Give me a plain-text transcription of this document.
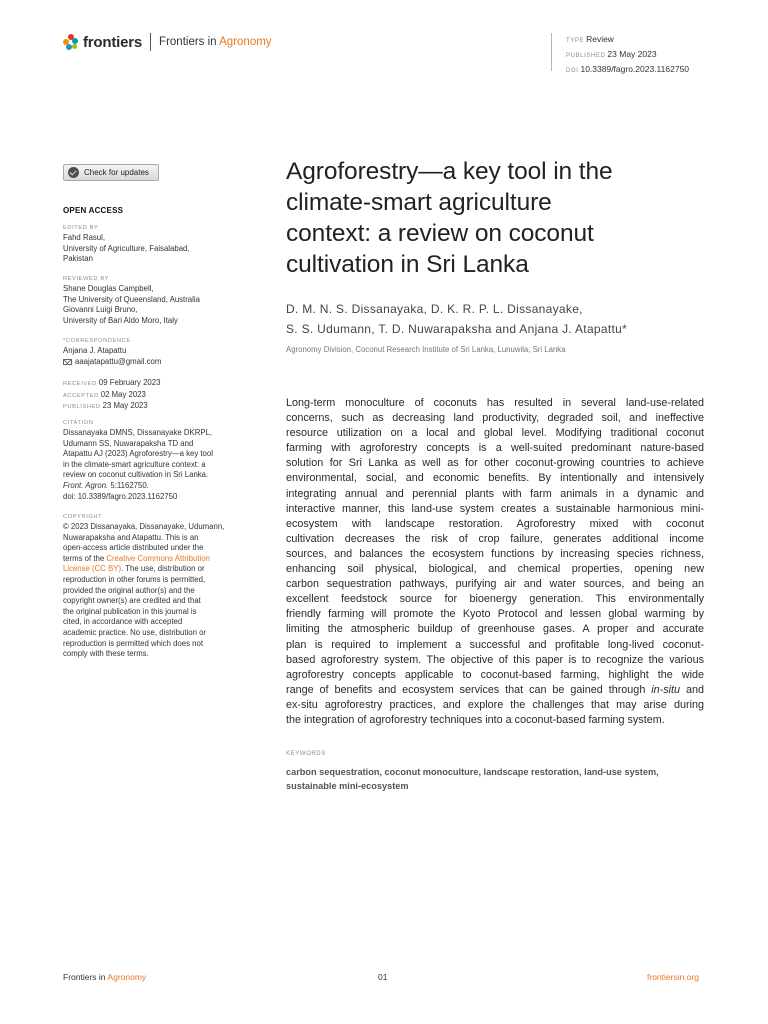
frontiers Frontiers in Agronomy	TYPE Review
PUBLISHED 23 May 2023
DOI 10.3389/fagro.2023.1162750
Check for updates
OPEN ACCESS
EDITED BY
Fahd Rasul,
University of Agriculture, Faisalabad,
Pakistan
REVIEWED BY
Shane Douglas Campbell,
The University of Queensland, Australia
Giovanni Luigi Bruno,
University of Bari Aldo Moro, Italy
*CORRESPONDENCE
Anjana J. Atapattu
aaajatapattu@gmail.com
RECEIVED 09 February 2023
ACCEPTED 02 May 2023
PUBLISHED 23 May 2023
CITATION
Dissanayaka DMNS, Dissanayake DKRPL,
Udumann SS, Nuwarapaksha TD and
Atapattu AJ (2023) Agroforestry—a key tool
in the climate-smart agriculture context: a
review on coconut cultivation in Sri Lanka.
Front. Agron. 5:1162750.
doi: 10.3389/fagro.2023.1162750
COPYRIGHT
© 2023 Dissanayaka, Dissanayake, Udumann,
Nuwarapaksha and Atapattu. This is an
open-access article distributed under the
terms of the Creative Commons Attribution
License (CC BY). The use, distribution or
reproduction in other forums is permitted,
provided the original author(s) and the
copyright owner(s) are credited and that
the original publication in this journal is
cited, in accordance with accepted
academic practice. No use, distribution or
reproduction is permitted which does not
comply with these terms.
Agroforestry—a key tool in the
climate-smart agriculture
context: a review on coconut
cultivation in Sri Lanka
D. M. N. S. Dissanayaka, D. K. R. P. L. Dissanayake,
S. S. Udumann, T. D. Nuwarapaksha and Anjana J. Atapattu*
Agronomy Division, Coconut Research Institute of Sri Lanka, Lunuwila, Sri Lanka
Long-term monoculture of coconuts has resulted in several land-use-related
concerns, such as decreasing land productivity, degraded soil, and ineffective
resource utilization on a local and global level. Modifying traditional coconut
farming with agroforestry concepts is a well-suited predominant nature-based
solution for Sri Lanka as well as for other coconut-growing countries to achieve
environmental, social, and economic benefits. By intentionally and intensively
integrating annual and perennial plants with farm animals in a dynamic and
interactive manner, this land-use system creates a sustainable harmonious mini-
ecosystem with landscape restoration. Agroforestry mixed with coconut
cultivation decreases the risk of crop failure, generates additional income
sources, and balances the ecosystem functions by increasing species richness,
enhancing soil physical, biological, and chemical properties, opening new
carbon sequestration pathways, purifying air and water sources, and being an
excellent feedstock source for bioenergy generation. This environmentally
friendly farming will promote the Kyoto Protocol and lessen global warming by
limiting the atmospheric buildup of greenhouse gases. A proper and accurate
plan is required to implement a successful and profitable long-lived coconut-
based agroforestry system. The objective of this paper is to recognize the various
agroforestry concepts applicable to coconut-based farming, highlight the wide
range of benefits and ecosystem services that can be gained through in-situ and
ex-situ agroforestry practices, and explore the challenges that may arise during
the integration of agroforestry techniques into a coconut-based farming system.
KEYWORDS
carbon sequestration, coconut monoculture, landscape restoration, land-use system,
sustainable mini-ecosystem
Frontiers in Agronomy	01	frontiersin.org
